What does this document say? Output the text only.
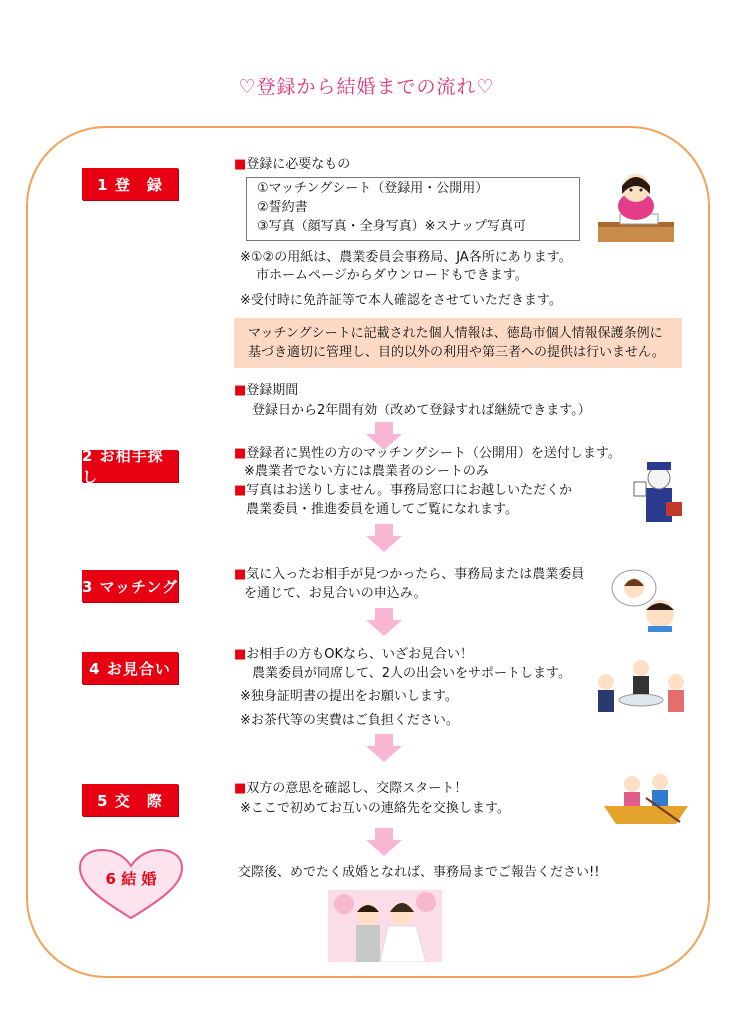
♡登録から結婚までの流れ♡
1 登　録
■登録に必要なもの
①マッチングシート（登録用・公開用）
②誓約書
③写真（顔写真・全身写真）※スナップ写真可
※①②の用紙は、農業委員会事務局、JA各所にあります。
市ホームページからダウンロードもできます。
※受付時に免許証等で本人確認をさせていただきます。
マッチングシートに記載された個人情報は、徳島市個人情報保護条例に
基づき適切に管理し、目的以外の利用や第三者への提供は行いません。
■登録期間
登録日から2年間有効（改めて登録すれば継続できます。）
2 お相手探し
■登録者に異性の方のマッチングシート（公開用）を送付します。
※農業者でない方には農業者のシートのみ
■写真はお送りしません。事務局窓口にお越しいただくか
農業委員・推進委員を通してご覧になれます。
3 マッチング
■気に入ったお相手が見つかったら、事務局または農業委員
を通じて、お見合いの申込み。
4 お見合い
■お相手の方もOKなら、いざお見合い！
農業委員が同席して、2人の出会いをサポートします。
※独身証明書の提出をお願いします。
※お茶代等の実費はご負担ください。
5 交　際
■双方の意思を確認し、交際スタート！
※ここで初めてお互いの連絡先を交換します。
6 結 婚	交際後、めでたく成婚となれば、事務局までご報告ください!!
